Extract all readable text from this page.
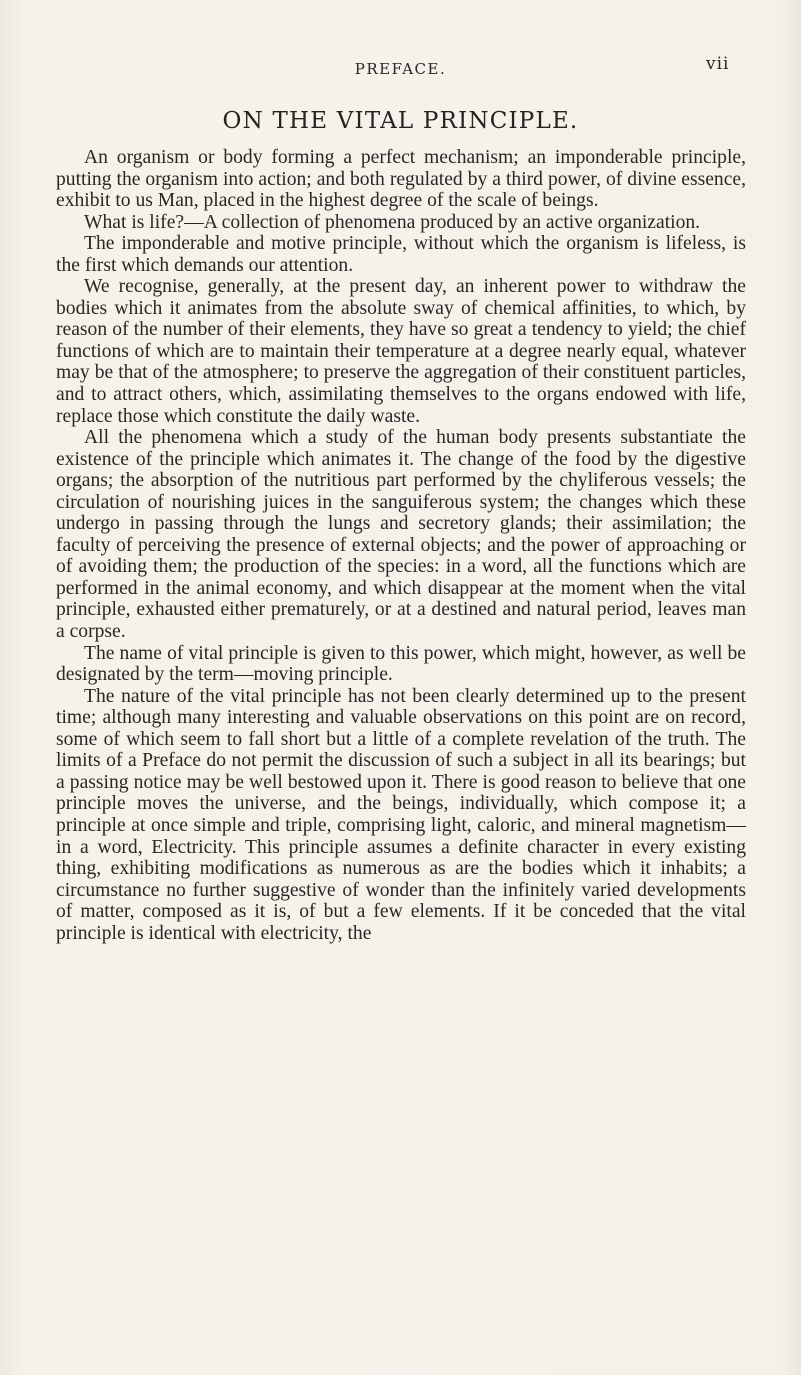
PREFACE.	vii
ON THE VITAL PRINCIPLE.

An organism or body forming a perfect mechanism; an imponderable principle, putting the organism into action; and both regulated by a third power, of divine essence, exhibit to us Man, placed in the highest degree of the scale of beings.

What is life?—A collection of phenomena produced by an active organization.

The imponderable and motive principle, without which the organism is lifeless, is the first which demands our attention.

We recognise, generally, at the present day, an inherent power to withdraw the bodies which it animates from the absolute sway of chemical affinities, to which, by reason of the number of their elements, they have so great a tendency to yield; the chief functions of which are to maintain their temperature at a degree nearly equal, whatever may be that of the atmosphere; to preserve the aggregation of their constituent particles, and to attract others, which, assimilating themselves to the organs endowed with life, replace those which constitute the daily waste.

All the phenomena which a study of the human body presents substantiate the existence of the principle which animates it. The change of the food by the digestive organs; the absorption of the nutritious part performed by the chyliferous vessels; the circulation of nourishing juices in the sanguiferous system; the changes which these undergo in passing through the lungs and secretory glands; their assimilation; the faculty of perceiving the presence of external objects; and the power of approaching or of avoiding them; the production of the species: in a word, all the functions which are performed in the animal economy, and which disappear at the moment when the vital principle, exhausted either prematurely, or at a destined and natural period, leaves man a corpse.

The name of vital principle is given to this power, which might, however, as well be designated by the term—moving principle.

The nature of the vital principle has not been clearly determined up to the present time; although many interesting and valuable observations on this point are on record, some of which seem to fall short but a little of a complete revelation of the truth. The limits of a Preface do not permit the discussion of such a subject in all its bearings; but a passing notice may be well bestowed upon it. There is good reason to believe that one principle moves the universe, and the beings, individually, which compose it; a principle at once simple and triple, comprising light, caloric, and mineral magnetism—in a word, Electricity. This principle assumes a definite character in every existing thing, exhibiting modifications as numerous as are the bodies which it inhabits; a circumstance no further suggestive of wonder than the infinitely varied developments of matter, composed as it is, of but a few elements. If it be conceded that the vital principle is identical with electricity, the
